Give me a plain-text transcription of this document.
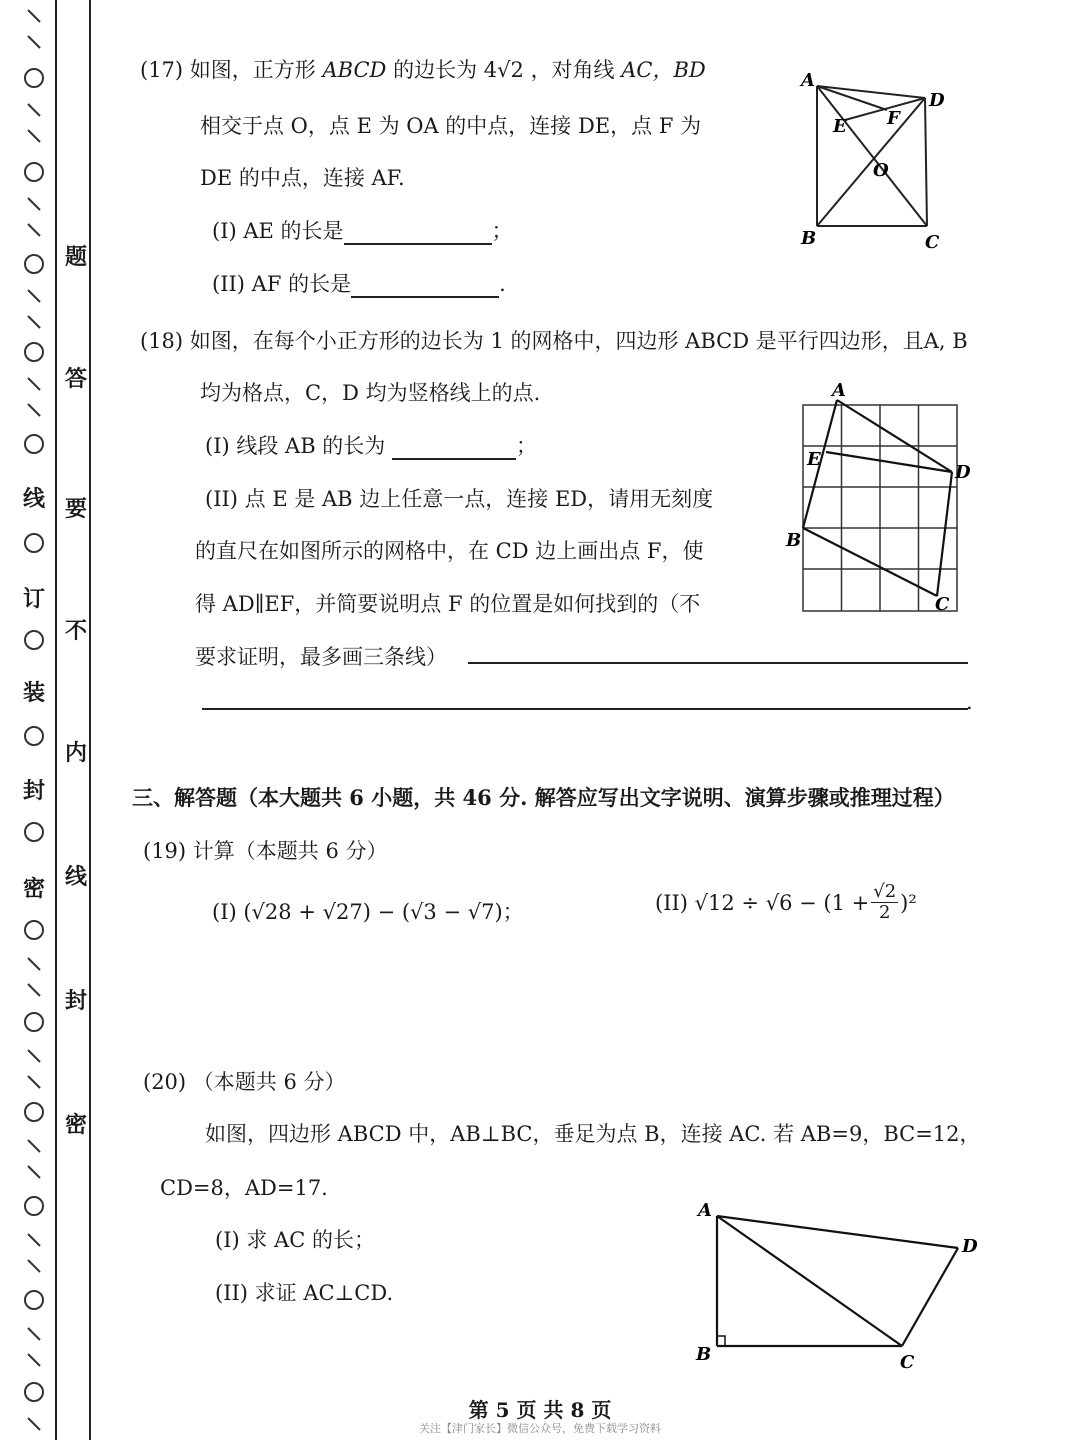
线
订
装
封
密
题
答
要
不
内
线
封
密
(17) 如图，正方形 ABCD 的边长为 4√2 ，对角线 AC，BD
相交于点 O，点 E 为 OA 的中点，连接 DE，点 F 为
DE 的中点，连接 AF.
(I) AE 的长是	；
(II) AF 的长是	.
A
D
B	C
E F
O
(18) 如图，在每个小正方形的边长为 1 的网格中，四边形 ABCD 是平行四边形，且A, B
均为格点，C，D 均为竖格线上的点.
(I) 线段 AB 的长为	；
(II) 点 E 是 AB 边上任意一点，连接 ED，请用无刻度
的直尺在如图所示的网格中，在 CD 边上画出点 F，使
得 AD∥EF，并简要说明点 F 的位置是如何找到的（不
要求证明，最多画三条线）
.
A
D
B
C
E
三、解答题（本大题共 6 小题，共 46 分. 解答应写出文字说明、演算步骤或推理过程）
(19) 计算（本题共 6 分）
(I) (√28 + √27) − (√3 − √7)；	(II) $√12 \div √6 - (1 + \frac{√2}{2} )^2$
(20) （本题共 6 分）
如图，四边形 ABCD 中，AB⊥BC，垂足为点 B，连接 AC. 若 AB=9，BC=12，
CD=8，AD=17.
(I) 求 AC 的长；
(II) 求证 AC⊥CD.
A
D
B	C
第 5 页 共 8 页
关注【津门家长】微信公众号，免费下载学习资料
